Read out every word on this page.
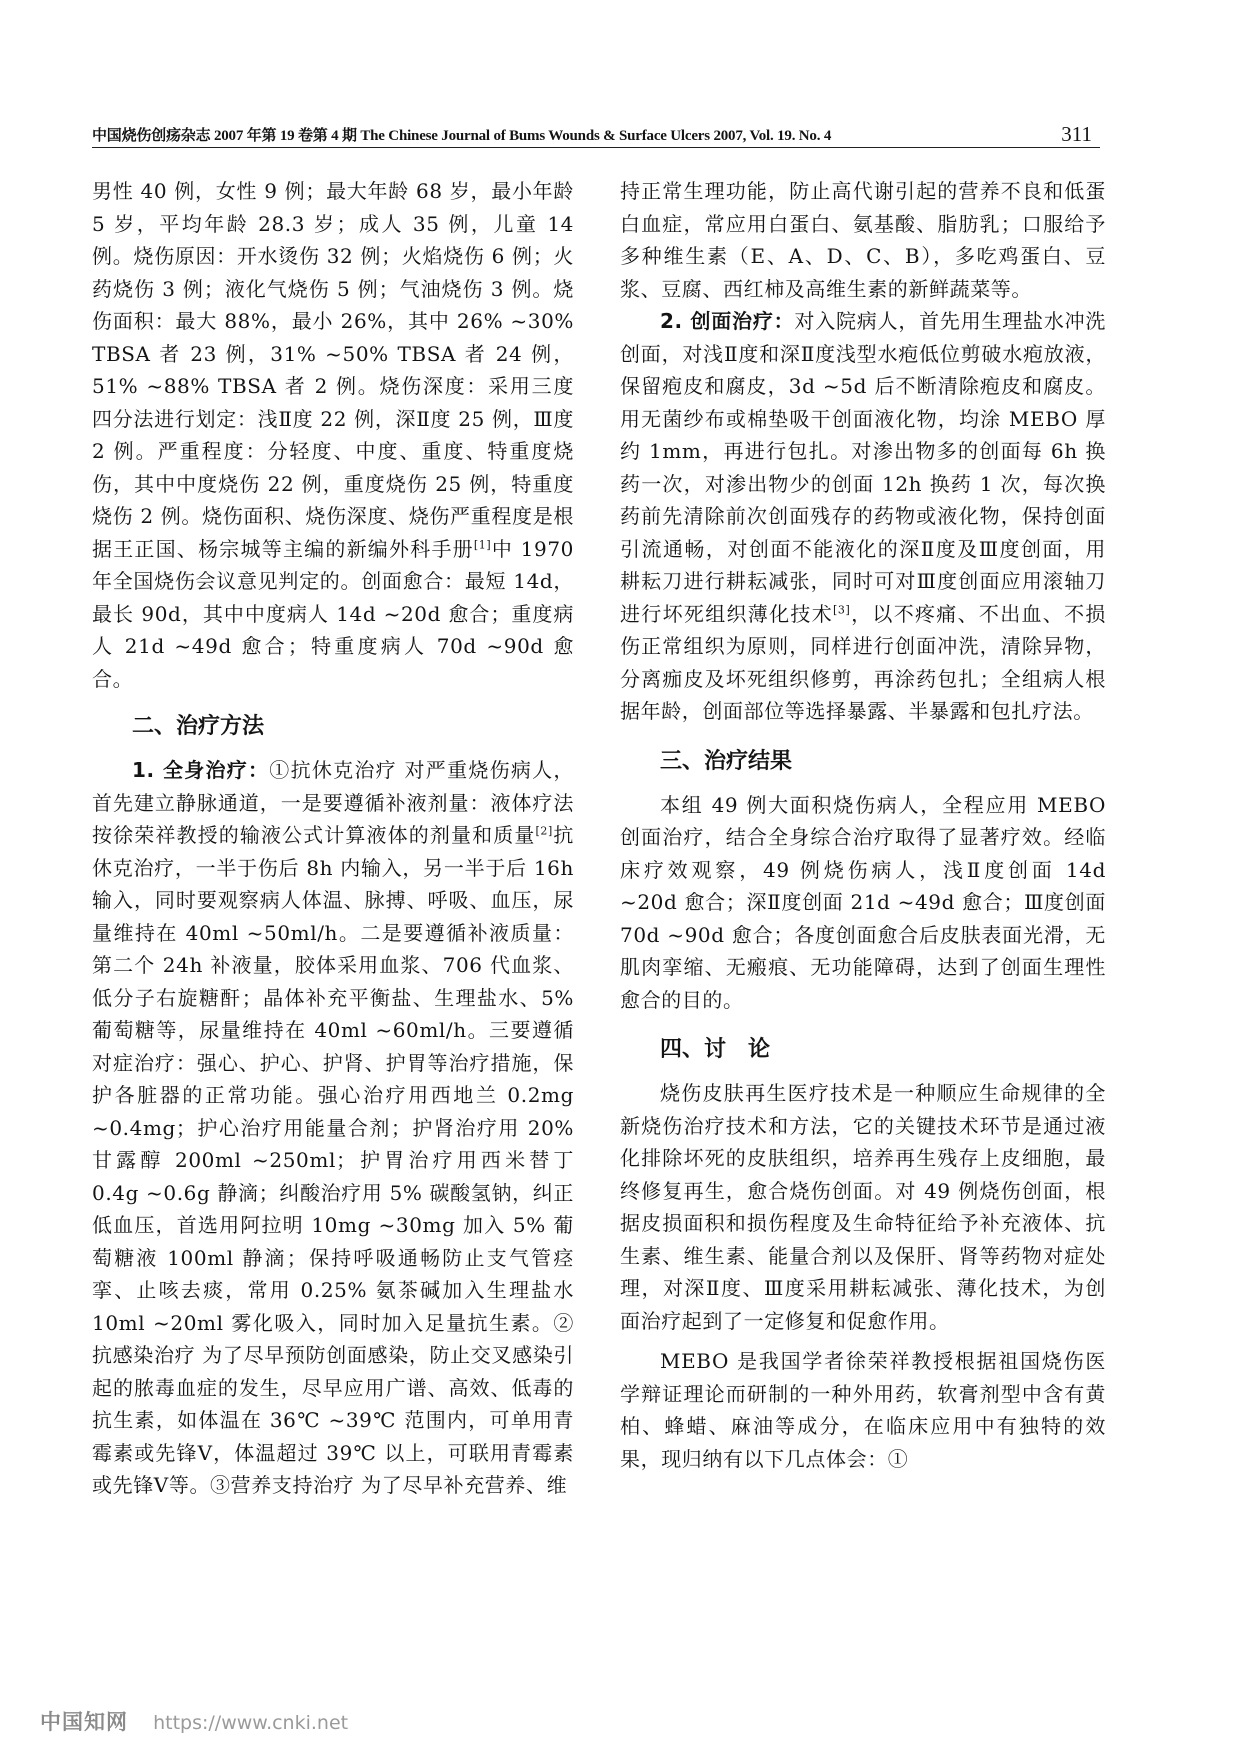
中国烧伤创疡杂志 2007 年第 19 卷第 4 期 The Chinese Journal of Bums Wounds & Surface Ulcers 2007, Vol. 19. No. 4	311

男性 40 例，女性 9 例；最大年龄 68 岁，最小年龄 5 岁，平均年龄 28.3 岁；成人 35 例，儿童 14 例。烧伤原因：开水烫伤 32 例；火焰烧伤 6 例；火药烧伤 3 例；液化气烧伤 5 例；气油烧伤 3 例。烧伤面积：最大 88%，最小 26%，其中 26% ~30% TBSA 者 23 例，31% ~50% TBSA 者 24 例，51% ~88% TBSA 者 2 例。烧伤深度：采用三度四分法进行划定：浅Ⅱ度 22 例，深Ⅱ度 25 例，Ⅲ度 2 例。严重程度：分轻度、中度、重度、特重度烧伤，其中中度烧伤 22 例，重度烧伤 25 例，特重度烧伤 2 例。烧伤面积、烧伤深度、烧伤严重程度是根据王正国、杨宗城等主编的新编外科手册[1]中 1970 年全国烧伤会议意见判定的。创面愈合：最短 14d，最长 90d，其中中度病人 14d ~20d 愈合；重度病人 21d ~49d 愈合；特重度病人 70d ~90d 愈合。

二、治疗方法

1. 全身治疗：①抗休克治疗 对严重烧伤病人，首先建立静脉通道，一是要遵循补液剂量：液体疗法按徐荣祥教授的输液公式计算液体的剂量和质量[2]抗休克治疗，一半于伤后 8h 内输入，另一半于后 16h 输入，同时要观察病人体温、脉搏、呼吸、血压，尿量维持在 40ml ~50ml/h。二是要遵循补液质量：第二个 24h 补液量，胶体采用血浆、706 代血浆、低分子右旋糖酐；晶体补充平衡盐、生理盐水、5% 葡萄糖等，尿量维持在 40ml ~60ml/h。三要遵循对症治疗：强心、护心、护肾、护胃等治疗措施，保护各脏器的正常功能。强心治疗用西地兰 0.2mg ~0.4mg；护心治疗用能量合剂；护肾治疗用 20% 甘露醇 200ml ~250ml；护胃治疗用西米替丁 0.4g ~0.6g 静滴；纠酸治疗用 5% 碳酸氢钠，纠正低血压，首选用阿拉明 10mg ~30mg 加入 5% 葡萄糖液 100ml 静滴；保持呼吸通畅防止支气管痉挛、止咳去痰，常用 0.25% 氨茶碱加入生理盐水 10ml ~20ml 雾化吸入，同时加入足量抗生素。②抗感染治疗 为了尽早预防创面感染，防止交叉感染引起的脓毒血症的发生，尽早应用广谱、高效、低毒的抗生素，如体温在 36℃ ~39℃ 范围内，可单用青霉素或先锋Ⅴ，体温超过 39℃ 以上，可联用青霉素或先锋Ⅴ等。③营养支持治疗 为了尽早补充营养、维

持正常生理功能，防止高代谢引起的营养不良和低蛋白血症，常应用白蛋白、氨基酸、脂肪乳；口服给予多种维生素（E、A、D、C、B），多吃鸡蛋白、豆浆、豆腐、西红柿及高维生素的新鲜蔬菜等。

2. 创面治疗：对入院病人，首先用生理盐水冲洗创面，对浅Ⅱ度和深Ⅱ度浅型水疱低位剪破水疱放液，保留疱皮和腐皮，3d ~5d 后不断清除疱皮和腐皮。用无菌纱布或棉垫吸干创面液化物，均涂 MEBO 厚约 1mm，再进行包扎。对渗出物多的创面每 6h 换药一次，对渗出物少的创面 12h 换药 1 次，每次换药前先清除前次创面残存的药物或液化物，保持创面引流通畅，对创面不能液化的深Ⅱ度及Ⅲ度创面，用耕耘刀进行耕耘减张，同时可对Ⅲ度创面应用滚轴刀进行坏死组织薄化技术[3]，以不疼痛、不出血、不损伤正常组织为原则，同样进行创面冲洗，清除异物，分离痂皮及坏死组织修剪，再涂药包扎；全组病人根据年龄，创面部位等选择暴露、半暴露和包扎疗法。

三、治疗结果

本组 49 例大面积烧伤病人，全程应用 MEBO 创面治疗，结合全身综合治疗取得了显著疗效。经临床疗效观察，49 例烧伤病人，浅Ⅱ度创面 14d ~20d 愈合；深Ⅱ度创面 21d ~49d 愈合；Ⅲ度创面 70d ~90d 愈合；各度创面愈合后皮肤表面光滑，无肌肉挛缩、无瘢痕、无功能障碍，达到了创面生理性愈合的目的。

四、讨　论

烧伤皮肤再生医疗技术是一种顺应生命规律的全新烧伤治疗技术和方法，它的关键技术环节是通过液化排除坏死的皮肤组织，培养再生残存上皮细胞，最终修复再生，愈合烧伤创面。对 49 例烧伤创面，根据皮损面积和损伤程度及生命特征给予补充液体、抗生素、维生素、能量合剂以及保肝、肾等药物对症处理，对深Ⅱ度、Ⅲ度采用耕耘减张、薄化技术，为创面治疗起到了一定修复和促愈作用。

MEBO 是我国学者徐荣祥教授根据祖国烧伤医学辩证理论而研制的一种外用药，软膏剂型中含有黄柏、蜂蜡、麻油等成分，在临床应用中有独特的效果，现归纳有以下几点体会：①

中国知网 https://www.cnki.net
